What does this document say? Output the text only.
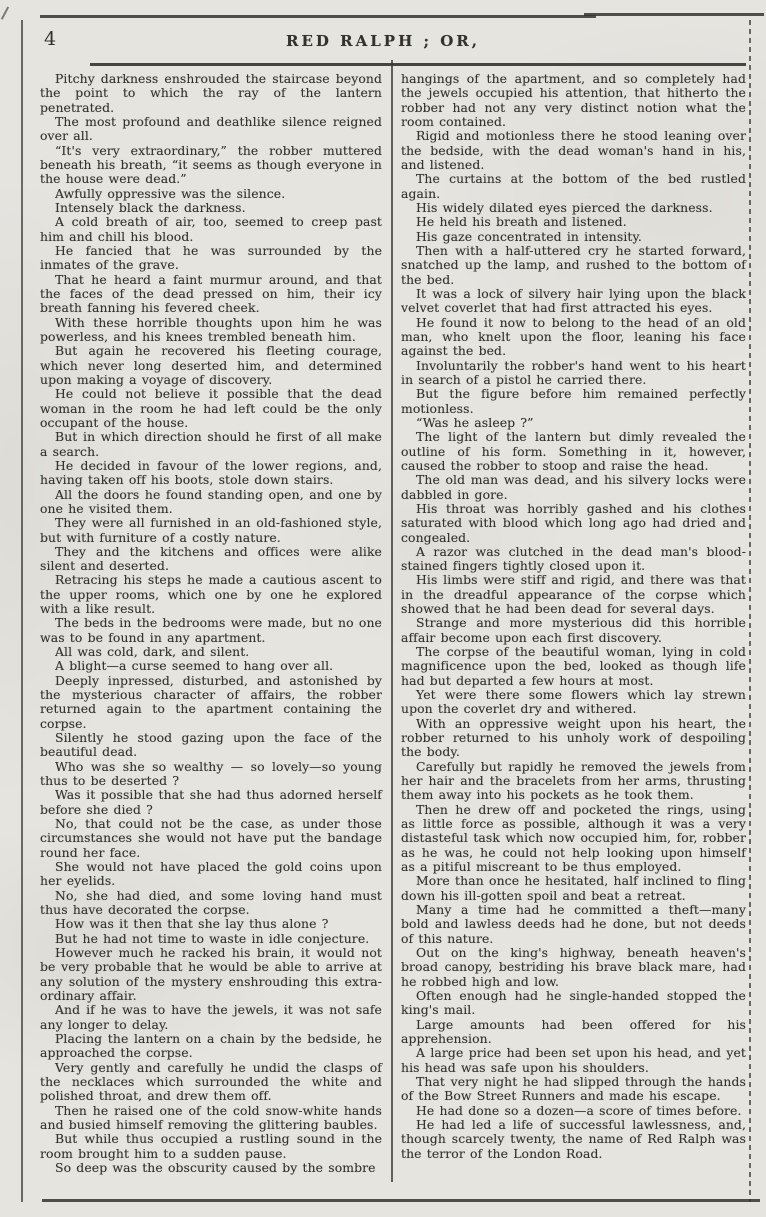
4	RED RALPH ; OR,

Pitchy darkness enshrouded the staircase beyond the point to which the ray of the lantern penetrated.

The most profound and deathlike silence reigned over all.

“It's very extraordinary,” the robber muttered beneath his breath, “it seems as though everyone in the house were dead.”

Awfully oppressive was the silence.

Intensely black the darkness.

A cold breath of air, too, seemed to creep past him and chill his blood.

He fancied that he was surrounded by the inmates of the grave.

That he heard a faint murmur around, and that the faces of the dead pressed on him, their icy breath fanning his fevered cheek.

With these horrible thoughts upon him he was powerless, and his knees trembled beneath him.

But again he recovered his fleeting courage, which never long deserted him, and determined upon making a voyage of discovery.

He could not believe it possible that the dead woman in the room he had left could be the only occupant of the house.

But in which direction should he first of all make a search.

He decided in favour of the lower regions, and, having taken off his boots, stole down stairs.

All the doors he found standing open, and one by one he visited them.

They were all furnished in an old-fashioned style, but with furniture of a costly nature.

They and the kitchens and offices were alike silent and deserted.

Retracing his steps he made a cautious ascent to the upper rooms, which one by one he explored with a like result.

The beds in the bedrooms were made, but no one was to be found in any apartment.

All was cold, dark, and silent.

A blight—a curse seemed to hang over all.

Deeply inpressed, disturbed, and astonished by the mysterious character of affairs, the robber returned again to the apartment containing the corpse.

Silently he stood gazing upon the face of the beautiful dead.

Who was she so wealthy — so lovely—so young thus to be deserted ?

Was it possible that she had thus adorned herself before she died ?

No, that could not be the case, as under those circumstances she would not have put the bandage round her face.

She would not have placed the gold coins upon her eyelids.

No, she had died, and some loving hand must thus have decorated the corpse.

How was it then that she lay thus alone ?

But he had not time to waste in idle conjecture.

However much he racked his brain, it would not be very probable that he would be able to arrive at any solution of the mystery enshrouding this extra-ordinary affair.

And if he was to have the jewels, it was not safe any longer to delay.

Placing the lantern on a chain by the bedside, he approached the corpse.

Very gently and carefully he undid the clasps of the necklaces which surrounded the white and polished throat, and drew them off.

Then he raised one of the cold snow-white hands and busied himself removing the glittering baubles.

But while thus occupied a rustling sound in the room brought him to a sudden pause.

So deep was the obscurity caused by the sombre

hangings of the apartment, and so completely had the jewels occupied his attention, that hitherto the robber had not any very distinct notion what the room contained.

Rigid and motionless there he stood leaning over the bedside, with the dead woman's hand in his, and listened.

The curtains at the bottom of the bed rustled again.

His widely dilated eyes pierced the darkness.

He held his breath and listened.

His gaze concentrated in intensity.

Then with a half-uttered cry he started forward, snatched up the lamp, and rushed to the bottom of the bed.

It was a lock of silvery hair lying upon the black velvet coverlet that had first attracted his eyes.

He found it now to belong to the head of an old man, who knelt upon the floor, leaning his face against the bed.

Involuntarily the robber's hand went to his heart in search of a pistol he carried there.

But the figure before him remained perfectly motionless.

“Was he asleep ?”

The light of the lantern but dimly revealed the outline of his form. Something in it, however, caused the robber to stoop and raise the head.

The old man was dead, and his silvery locks were dabbled in gore.

His throat was horribly gashed and his clothes saturated with blood which long ago had dried and congealed.

A razor was clutched in the dead man's blood-stained fingers tightly closed upon it.

His limbs were stiff and rigid, and there was that in the dreadful appearance of the corpse which showed that he had been dead for several days.

Strange and more mysterious did this horrible affair become upon each first discovery.

The corpse of the beautiful woman, lying in cold magnificence upon the bed, looked as though life had but departed a few hours at most.

Yet were there some flowers which lay strewn upon the coverlet dry and withered.

With an oppressive weight upon his heart, the robber returned to his unholy work of despoiling the body.

Carefully but rapidly he removed the jewels from her hair and the bracelets from her arms, thrusting them away into his pockets as he took them.

Then he drew off and pocketed the rings, using as little force as possible, although it was a very distasteful task which now occupied him, for, robber as he was, he could not help looking upon himself as a pitiful miscreant to be thus employed.

More than once he hesitated, half inclined to fling down his ill-gotten spoil and beat a retreat.

Many a time had he committed a theft—many bold and lawless deeds had he done, but not deeds of this nature.

Out on the king's highway, beneath heaven's broad canopy, bestriding his brave black mare, had he robbed high and low.

Often enough had he single-handed stopped the king's mail.

Large amounts had been offered for his apprehension.

A large price had been set upon his head, and yet his head was safe upon his shoulders.

That very night he had slipped through the hands of the Bow Street Runners and made his escape.

He had done so a dozen—a score of times before.

He had led a life of successful lawlessness, and, though scarcely twenty, the name of Red Ralph was the terror of the London Road.
